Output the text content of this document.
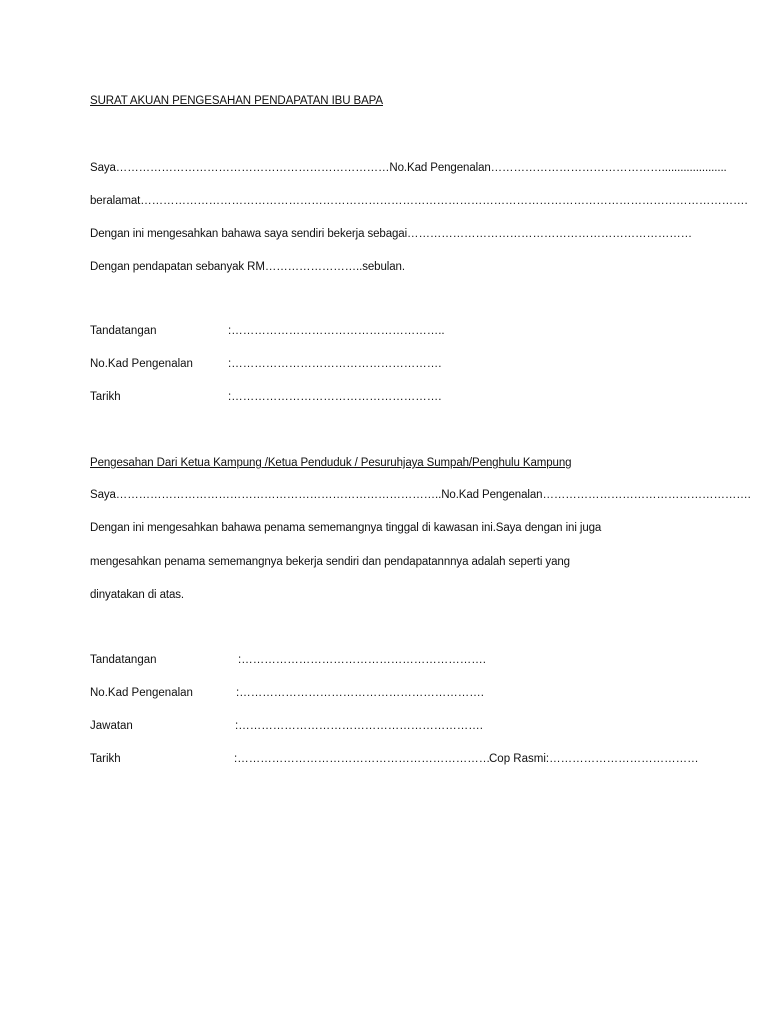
SURAT AKUAN PENGESAHAN PENDAPATAN IBU BAPA
Saya………………………………………………………………No.Kad Pengenalan……………………………………….....................
beralamat…………………………………………………………………………………………………………………………………………….
Dengan ini mengesahkan bahawa saya sendiri bekerja sebagai…………………………………………………………………
Dengan pendapatan sebanyak RM……………………..sebulan.
Tandatangan	:………………………………………………..
No.Kad Pengenalan	:……………………………………………….
Tarikh	:……………………………………………….
Pengesahan Dari Ketua Kampung /Ketua Penduduk / Pesuruhjaya Sumpah/Penghulu Kampung
Saya…………………………………………………………………………..No.Kad Pengenalan……………………………………………….
Dengan ini mengesahkan bahawa penama sememangnya tinggal di kawasan ini.Saya dengan ini juga
mengesahkan penama sememangnya bekerja sendiri dan pendapatannnya adalah seperti yang
dinyatakan di atas.
Tandatangan	:……………………………………………………….
No.Kad Pengenalan	:……………………………………………………….
Jawatan	:……………………………………………………….
Tarikh	:…………………………………………………………
Cop Rasmi:…………………………………
